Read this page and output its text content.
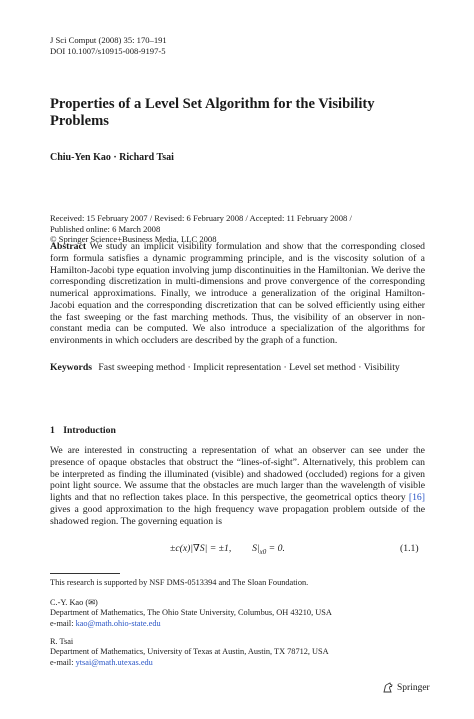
J Sci Comput (2008) 35: 170–191
DOI 10.1007/s10915-008-9197-5
Properties of a Level Set Algorithm for the Visibility
Problems
Chiu-Yen Kao · Richard Tsai
Received: 15 February 2007 / Revised: 6 February 2008 / Accepted: 11 February 2008 /
Published online: 6 March 2008
© Springer Science+Business Media, LLC 2008
Abstract We study an implicit visibility formulation and show that the corresponding closed form formula satisfies a dynamic programming principle, and is the viscosity solution of a Hamilton-Jacobi type equation involving jump discontinuities in the Hamiltonian. We derive the corresponding discretization in multi-dimensions and prove convergence of the corresponding numerical approximations. Finally, we introduce a generalization of the original Hamilton-Jacobi equation and the corresponding discretization that can be solved efficiently using either the fast sweeping or the fast marching methods. Thus, the visibility of an observer in non-constant media can be computed. We also introduce a specialization of the algorithms for environments in which occluders are described by the graph of a function.
Keywords Fast sweeping method · Implicit representation · Level set method · Visibility
1 Introduction
We are interested in constructing a representation of what an observer can see under the presence of opaque obstacles that obstruct the “lines-of-sight”. Alternatively, this problem can be interpreted as finding the illuminated (visible) and shadowed (occluded) regions for a given point light source. We assume that the obstacles are much larger than the wavelength of visible lights and that no reflection takes place. In this perspective, the geometrical optics theory [16] gives a good approximation to the high frequency wave propagation problem outside of the shadowed region. The governing equation is
±c(x)|∇S| = ±1, $S|_{x0} = 0$.	(1.1)
This research is supported by NSF DMS-0513394 and The Sloan Foundation.
C.-Y. Kao (✉)
Department of Mathematics, The Ohio State University, Columbus, OH 43210, USA
e-mail: kao@math.ohio-state.edu
R. Tsai
Department of Mathematics, University of Texas at Austin, Austin, TX 78712, USA
e-mail: ytsai@math.utexas.edu
Springer
